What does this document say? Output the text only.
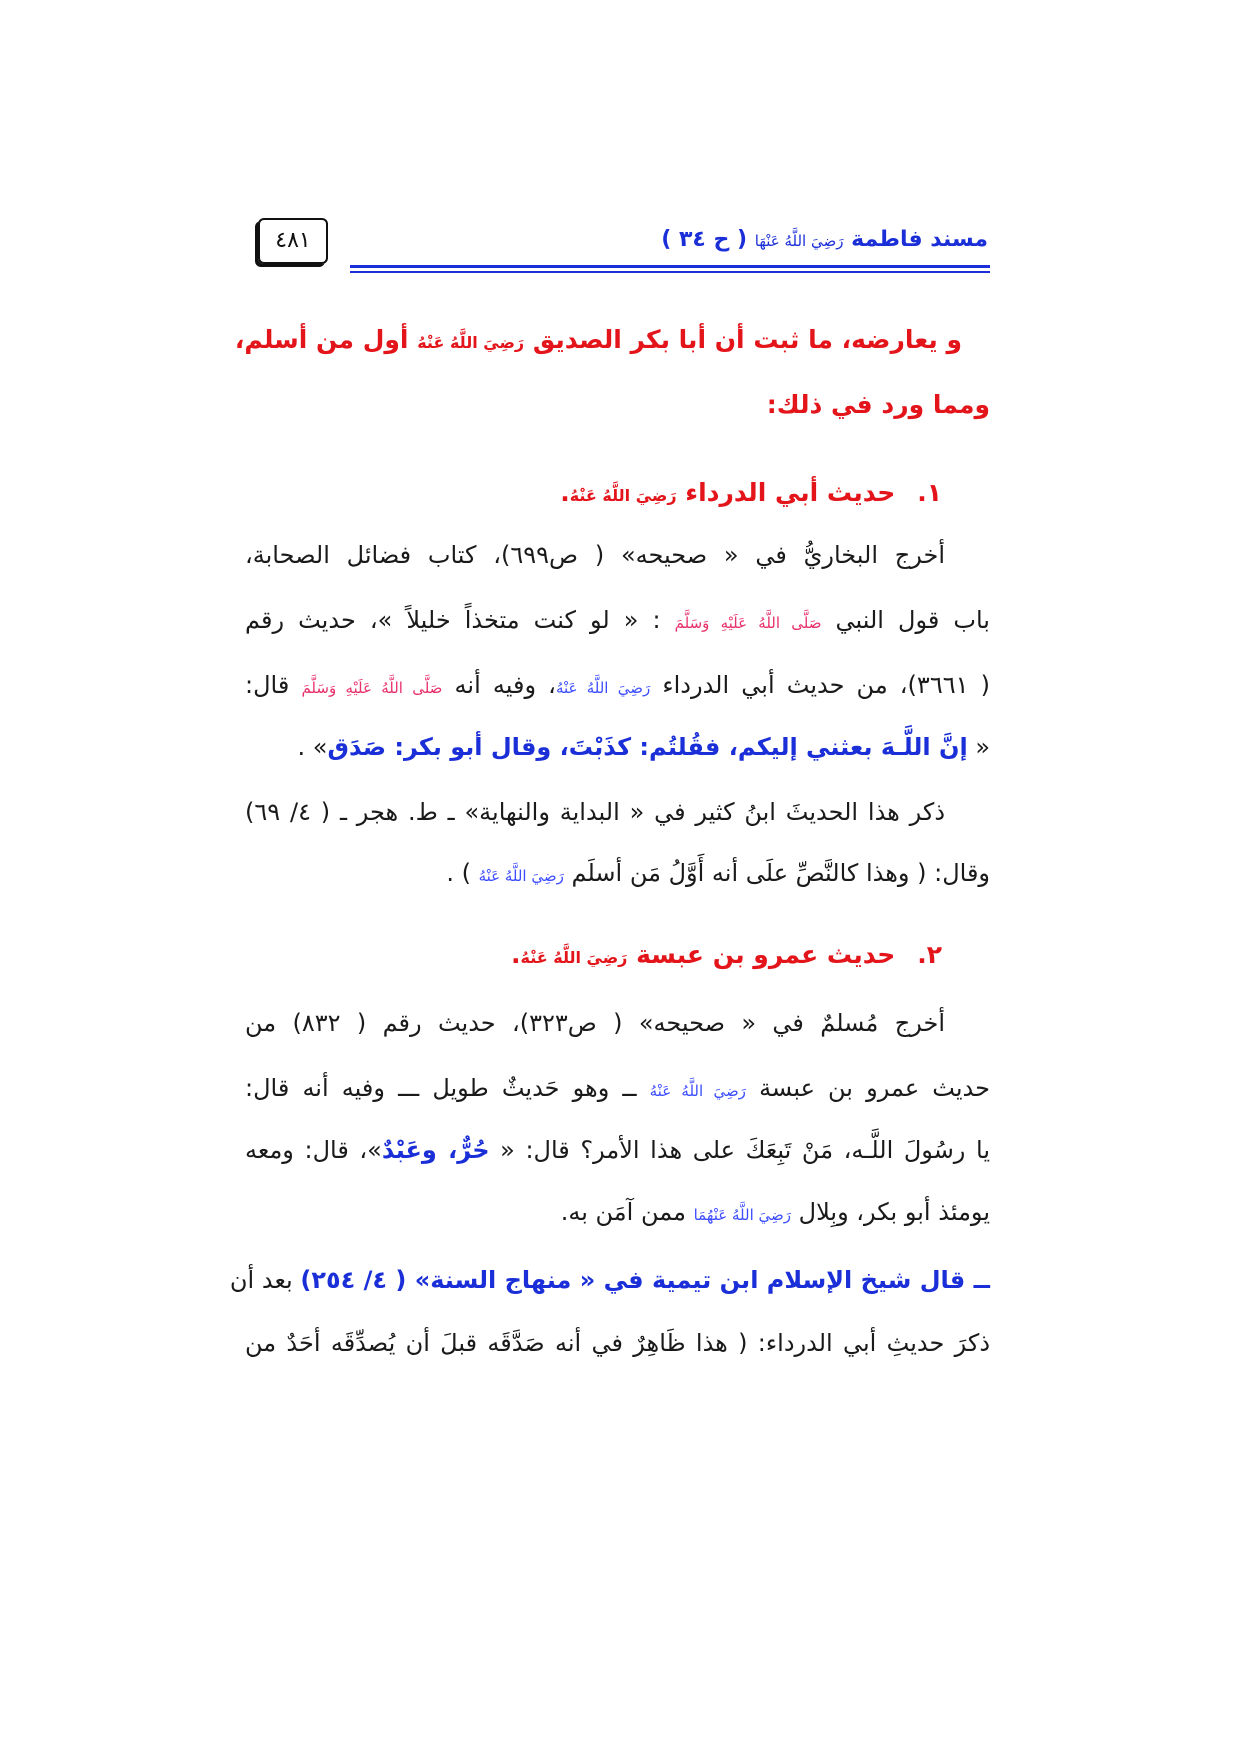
مسند فاطمة رَضِيَ اللَّهُ عَنْهَا ( ح ٣٤ )
٤٨١
و يعارضه، ما ثبت أن أبا بكر الصديق رَضِيَ اللَّهُ عَنْهُ أول من أسلم،
ومما ورد في ذلك:
١.حديث أبي الدرداء رَضِيَ اللَّهُ عَنْهُ.
أخرج البخاريُّ في « صحيحه» ( ص٦٩٩)، كتاب فضائل الصحابة،
باب قول النبي صَلَّى اللَّهُ عَلَيْهِ وَسَلَّمَ : « لو كنت متخذاً خليلاً »، حديث رقم
( ٣٦٦١)، من حديث أبي الدرداء رَضِيَ اللَّهُ عَنْهُ، وفيه أنه صَلَّى اللَّهُ عَلَيْهِ وَسَلَّمَ قال:
« إنَّ اللَّـهَ بعثني إليكم، فقُلتُم: كذَبْتَ، وقال أبو بكر: صَدَق» .
ذكر هذا الحديثَ ابنُ كثير في « البداية والنهاية» ـ ط. هجر ـ ( ٤/ ٦٩)
وقال: ( وهذا كالنَّصِّ علَى أنه أَوَّلُ مَن أسلَم رَضِيَ اللَّهُ عَنْهُ ) .
٢.حديث عمرو بن عبسة رَضِيَ اللَّهُ عَنْهُ.
أخرج مُسلمٌ في « صحيحه» ( ص٣٢٣)، حديث رقم ( ٨٣٢) من
حديث عمرو بن عبسة رَضِيَ اللَّهُ عَنْهُ ــ وهو حَديثٌ طويل ـــ وفيه أنه قال:
يا رسُولَ اللَّـه، مَنْ تَبِعَكَ على هذا الأمر؟ قال: « حُرٌّ، وعَبْدٌ»، قال: ومعه
يومئذ أبو بكر، وبِلال رَضِيَ اللَّهُ عَنْهُمَا ممن آمَن به.
ــ قال شيخ الإسلام ابن تيمية في « منهاج السنة» ( ٤/ ٢٥٤) بعد أن
ذكرَ حديثِ أبي الدرداء: ( هذا ظَاهِرٌ في أنه صَدَّقَه قبلَ أن يُصدِّقَه أحَدٌ من
